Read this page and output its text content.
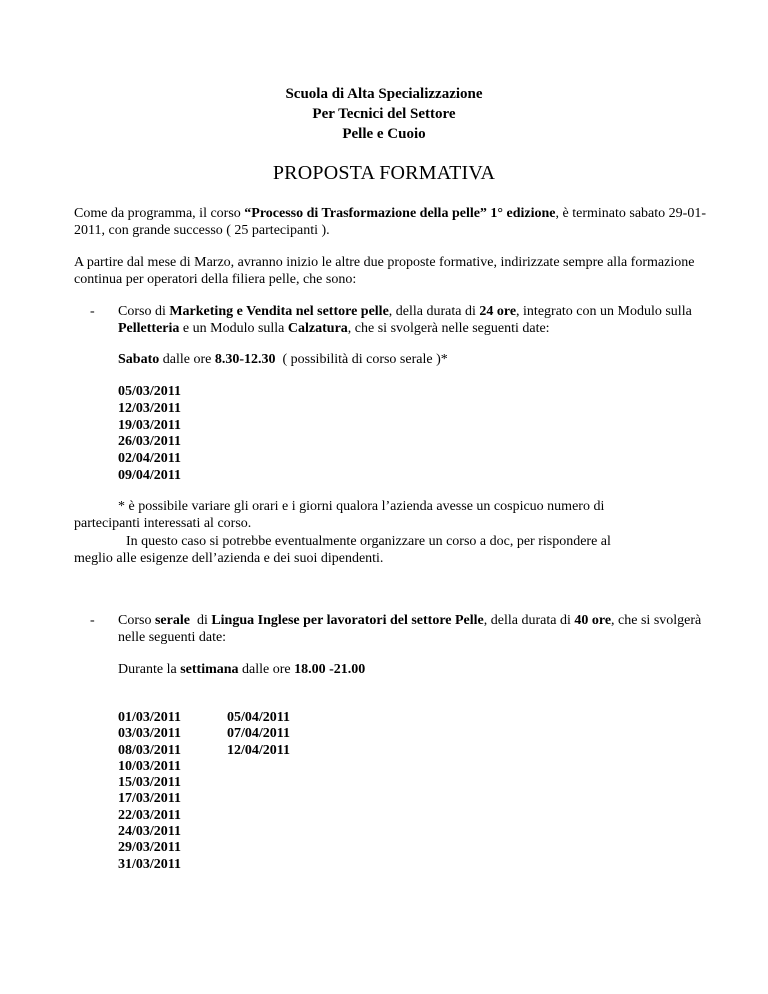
Scuola di Alta Specializzazione
Per Tecnici del Settore
Pelle e Cuoio
PROPOSTA FORMATIVA
Come da programma, il corso “Processo di Trasformazione della pelle” 1° edizione, è terminato sabato 29-01-2011, con grande successo ( 25 partecipanti ).
A partire dal mese di Marzo, avranno inizio le altre due proposte formative, indirizzate sempre alla formazione continua per operatori della filiera pelle, che sono:
- Corso di Marketing e Vendita nel settore pelle, della durata di 24 ore, integrato con un Modulo sulla Pelletteria e un Modulo sulla Calzatura, che si svolgerà nelle seguenti date:
Sabato dalle ore 8.30-12.30  ( possibilità di corso serale )*
05/03/2011
12/03/2011
19/03/2011
26/03/2011
02/04/2011
09/04/2011
* è possibile variare gli orari e i giorni qualora l’azienda avesse un cospicuo numero di
partecipanti interessati al corso.
In questo caso si potrebbe eventualmente organizzare un corso a doc, per rispondere al
meglio alle esigenze dell’azienda e dei suoi dipendenti.
- Corso serale  di Lingua Inglese per lavoratori del settore Pelle, della durata di 40 ore, che si svolgerà nelle seguenti date:
Durante la settimana dalle ore 18.00 -21.00
01/03/2011
03/03/2011
08/03/2011
10/03/2011
15/03/2011
17/03/2011
22/03/2011
24/03/2011
29/03/2011
31/03/2011
05/04/2011
07/04/2011
12/04/2011
